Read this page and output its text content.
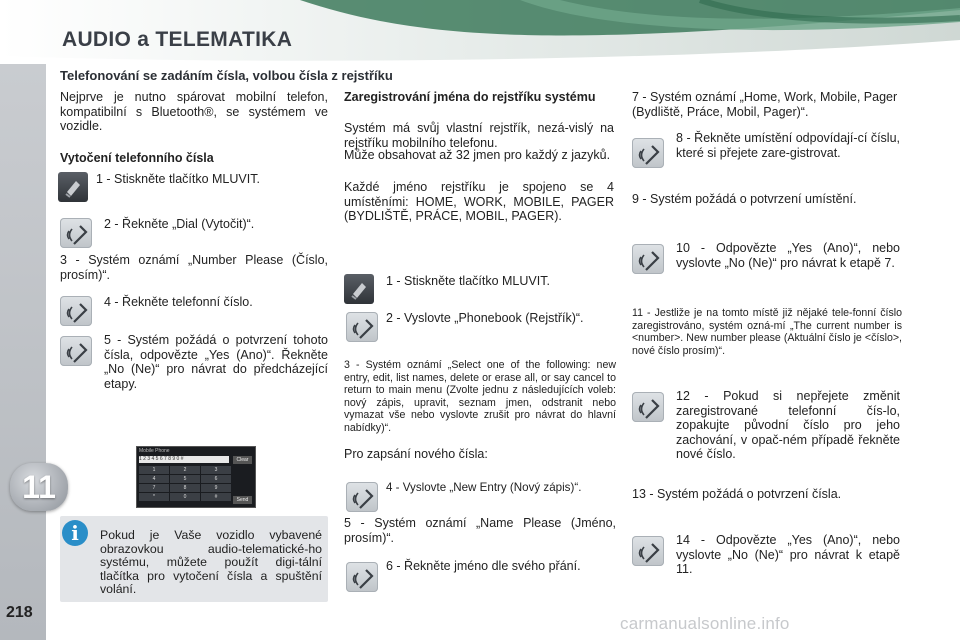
AUDIO a TELEMATIKA
11
218
Telefonování se zadáním čísla, volbou čísla z rejstříku
Nejprve je nutno spárovat mobilní telefon, kompatibilní s Bluetooth®, se systémem ve vozidle.
Vytočení telefonního čísla
1 - Stiskněte tlačítko MLUVIT.
2 - Řekněte „Dial (Vytočit)“.
3 - Systém oznámí „Number Please (Číslo, prosím)“.
4 - Řekněte telefonní číslo.
5 - Systém požádá o potvrzení tohoto čísla, odpovězte „Yes (Ano)“. Řekněte „No (Ne)“ pro návrat do předcházející etapy.
Mobile Phone
1 2 3 4 5 6 7 8 9 0 #	Clear
Send
1	2	3
4	5	6
7	8	9
*	0	#
i	Pokud je Vaše vozidlo vybavené obrazovkou audio-telematické-ho systému, můžete použít digi-tální tlačítka pro vytočení čísla a spuštění volání.
Zaregistrování jména do rejstříku systému
Systém má svůj vlastní rejstřík, nezá-vislý na rejstříku mobilního telefonu.
Může obsahovat až 32 jmen pro každý z jazyků.
Každé jméno rejstříku je spojeno se 4 umístěními: HOME, WORK, MOBILE, PAGER (BYDLIŠTĚ, PRÁCE, MOBIL, PAGER).
1 - Stiskněte tlačítko MLUVIT.
2 - Vyslovte „Phonebook (Rejstřík)“.
3 - Systém oznámí „Select one of the following: new entry, edit, list names, delete or erase all, or say cancel to return to main menu (Zvolte jednu z následujících voleb: nový zápis, upravit, seznam jmen, odstranit nebo vymazat vše nebo vyslovte zrušit pro návrat do hlavní nabídky)“.
Pro zapsání nového čísla:
4 - Vyslovte „New Entry (Nový zápis)“.
5 - Systém oznámí „Name Please (Jméno, prosím)“.
6 - Řekněte jméno dle svého přání.
7 - Systém oznámí „Home, Work, Mobile, Pager (Bydliště, Práce, Mobil, Pager)“.
8 - Řekněte umístění odpovídají-cí číslu, které si přejete zare-gistrovat.
9 - Systém požádá o potvrzení umístění.
10 - Odpovězte „Yes (Ano)“, nebo vyslovte „No (Ne)“ pro návrat k etapě 7.
11 - Jestliže je na tomto místě již nějaké tele-fonní číslo zaregistrováno, systém ozná-mí „The current number is <number>. New number please (Aktuální číslo je <číslo>, nové číslo prosím)“.
12 - Pokud si nepřejete změnit zaregistrované telefonní čís-lo, zopakujte původní číslo pro jeho zachování, v opač-ném případě řekněte nové číslo.
13 - Systém požádá o potvrzení čísla.
14 - Odpovězte „Yes (Ano)“, nebo vyslovte „No (Ne)“ pro návrat k etapě 11.
carmanualsonline.info
